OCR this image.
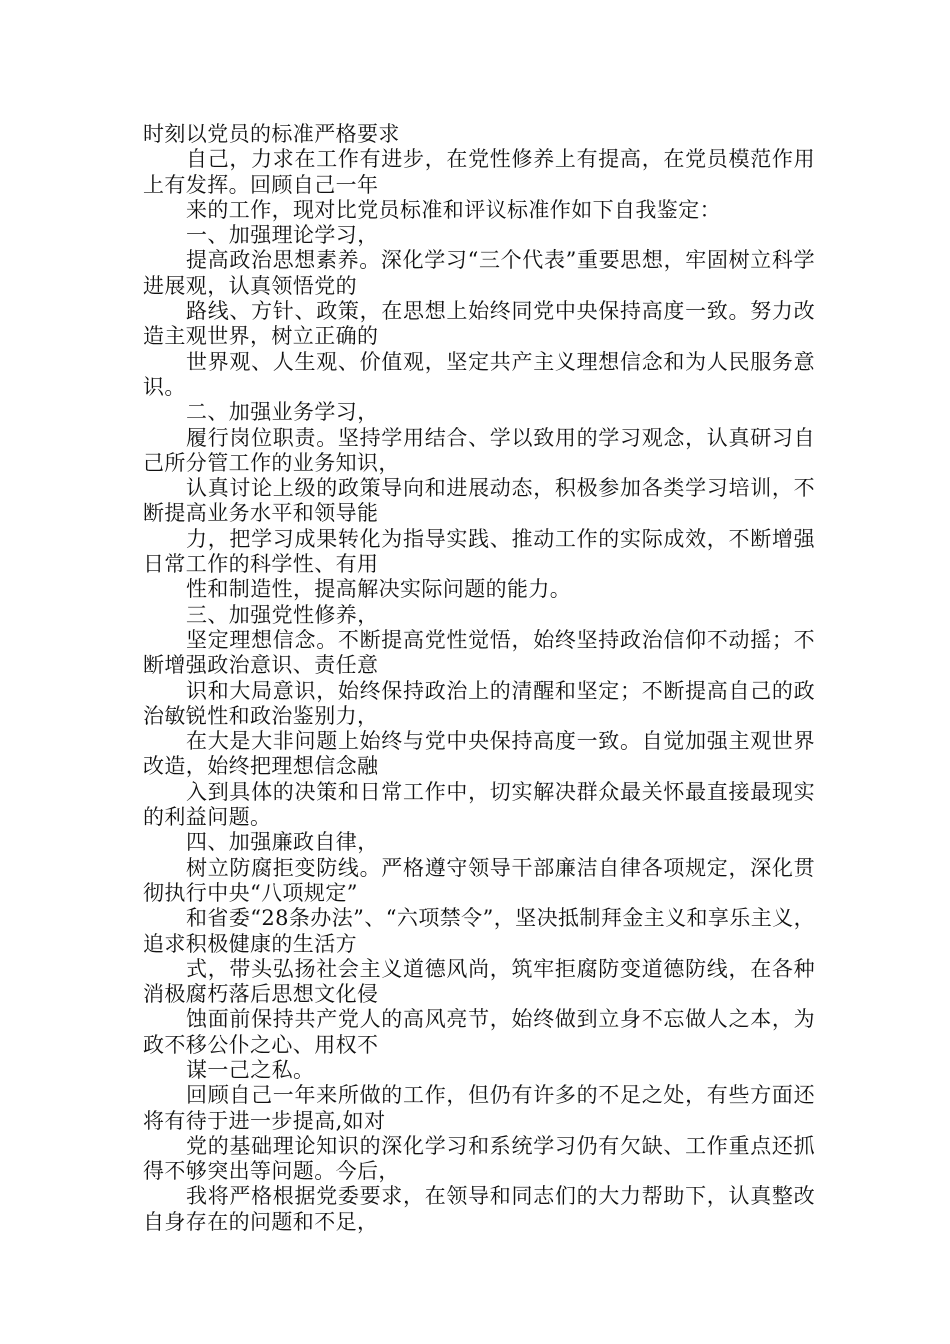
时刻以党员的标准严格要求

自己，力求在工作有进步，在党性修养上有提高，在党员模范作用上有发挥。回顾自己一年

来的工作，现对比党员标准和评议标准作如下自我鉴定：

一、加强理论学习，

提高政治思想素养。深化学习“三个代表”重要思想，牢固树立科学进展观，认真领悟党的

路线、方针、政策，在思想上始终同党中央保持高度一致。努力改造主观世界，树立正确的

世界观、人生观、价值观，坚定共产主义理想信念和为人民服务意识。

二、加强业务学习，

履行岗位职责。坚持学用结合、学以致用的学习观念，认真研习自己所分管工作的业务知识，

认真讨论上级的政策导向和进展动态，积极参加各类学习培训，不断提高业务水平和领导能

力，把学习成果转化为指导实践、推动工作的实际成效，不断增强日常工作的科学性、有用

性和制造性，提高解决实际问题的能力。

三、加强党性修养，

坚定理想信念。不断提高党性觉悟，始终坚持政治信仰不动摇；不断增强政治意识、责任意

识和大局意识，始终保持政治上的清醒和坚定；不断提高自己的政治敏锐性和政治鉴别力，

在大是大非问题上始终与党中央保持高度一致。自觉加强主观世界改造，始终把理想信念融

入到具体的决策和日常工作中，切实解决群众最关怀最直接最现实的利益问题。

四、加强廉政自律，

树立防腐拒变防线。严格遵守领导干部廉洁自律各项规定，深化贯彻执行中央“八项规定”

和省委“28条办法”、“六项禁令”，坚决抵制拜金主义和享乐主义，追求积极健康的生活方

式，带头弘扬社会主义道德风尚，筑牢拒腐防变道德防线，在各种消极腐朽落后思想文化侵

蚀面前保持共产党人的高风亮节，始终做到立身不忘做人之本，为政不移公仆之心、用权不

谋一己之私。

回顾自己一年来所做的工作，但仍有许多的不足之处，有些方面还将有待于进一步提高,如对

党的基础理论知识的深化学习和系统学习仍有欠缺、工作重点还抓得不够突出等问题。今后，

我将严格根据党委要求，在领导和同志们的大力帮助下，认真整改自身存在的问题和不足，
